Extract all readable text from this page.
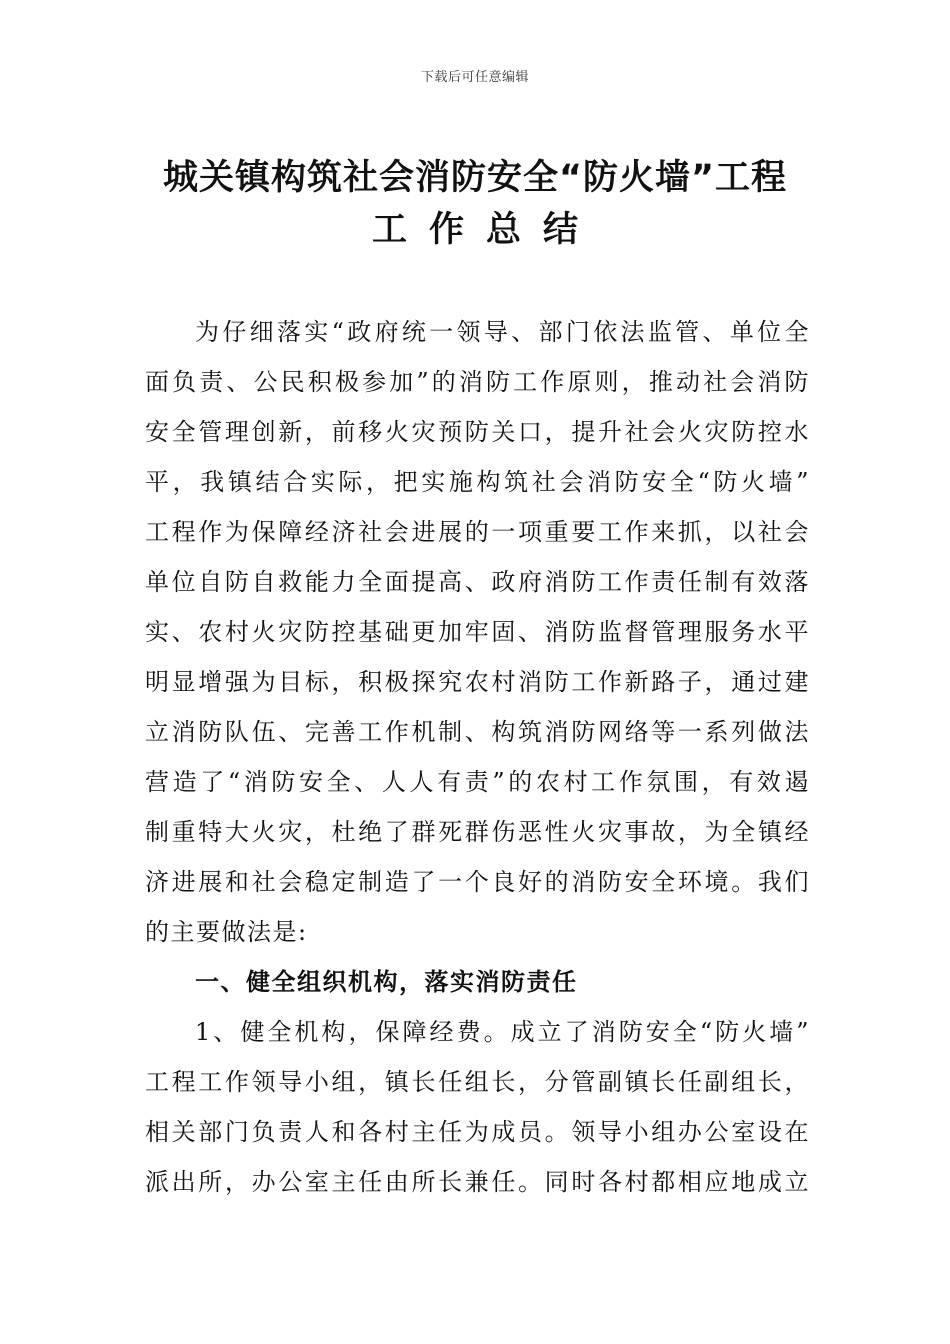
下载后可任意编辑
城关镇构筑社会消防安全“防火墙”工程
工作总结
为仔细落实“政府统一领导、部门依法监管、单位全
面负责、公民积极参加”的消防工作原则，推动社会消防
安全管理创新，前移火灾预防关口，提升社会火灾防控水
平，我镇结合实际，把实施构筑社会消防安全“防火墙”
工程作为保障经济社会进展的一项重要工作来抓，以社会
单位自防自救能力全面提高、政府消防工作责任制有效落
实、农村火灾防控基础更加牢固、消防监督管理服务水平
明显增强为目标，积极探究农村消防工作新路子，通过建
立消防队伍、完善工作机制、构筑消防网络等一系列做法
营造了“消防安全、人人有责”的农村工作氛围，有效遏
制重特大火灾，杜绝了群死群伤恶性火灾事故，为全镇经
济进展和社会稳定制造了一个良好的消防安全环境。我们
的主要做法是:
一、健全组织机构，落实消防责任
1、健全机构，保障经费。成立了消防安全“防火墙”
工程工作领导小组，镇长任组长，分管副镇长任副组长，
相关部门负责人和各村主任为成员。领导小组办公室设在
派出所，办公室主任由所长兼任。同时各村都相应地成立
